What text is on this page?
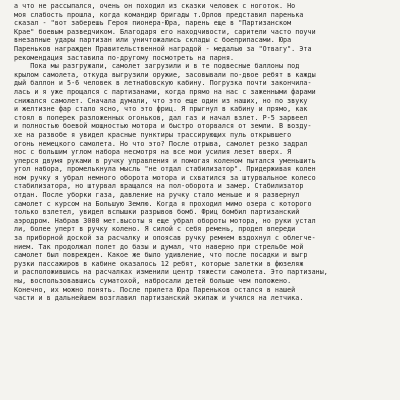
а что не рассыпался, очень он походил из сказки человек с ноготок. Но
моя слабость прошла, когда командир бригады т.Орлов представил паренька
сказал - "вот заберешь Героя пионера-Юра, парень еще в "Партизанском
Крае" боевым разведчиком. Благодаря его находчивости, сарители часто поучи
внезапные удары партизан или уничтожались склады с боеприпасами. Юра
Пареньков награжден Правительственной наградой - медалью за "Отвагу". Эта
рекомендация заставила по-другому посмотреть на парня.
Пока мы разгружали, самолет загрузили и в те подвесные баллоны под
крылом самолета, откуда выгрузили оружие, засовывали по-двое ребят в кажды
дый баллон и 5-6 человек в летнабовскую кабину. Погрузка почти закончила-
лась и я уже прощался с партизанами, когда прямо на нас с заженными фарами
снижался самолет. Сначала думали, что это еще один из наших, но по звуку
и желтизне фар стало ясно, что это фриц. Я прыгнул в кабину и прямо, как
стоял в поперек разложенных огоньков, дал газ и начал взлет. Р-5 зарвеел
и полностью боевой мощностью мотора и быстро оторвался от земли. В возду-
хе на развобе я увидел красные пунктиры трассирующих пуль открывшего
огонь немецкого самолета. Но что это? После отрыва, самолет резко задрал
нос с большим углом набора несмотря на все мои усилия лезет вверх. Я
уперся двумя руками в ручку управления и помогая коленом пытался уменьшить
угол набора, промелькнула мысль "не отдал стабилизатор". Придерживая колен
ном ручку я убрал немного оборота мотора и схватился за штурвальное колесо
стабилизатора, но штурвал вращался на пол-оборота и замер. Стабилизатор
отдан. После уборки газа, давление на ручку стало меньше и я развернул
самолет с курсом на Большую Землю. Когда я проходил мимо озера с которого
только взлетел, увидел вспышки разрывов бомб. Фриц бомбил партизанский
аэродром. Набрав 3000 мет.высоты я еще убрал обороты мотора, но руки устал
ли, более уперт в ручку колено. Я силой с себя ремень, продел впереди
за приборной доской за расчалку и опоясав ручку ремнем вздохнул с облегче-
нием. Так продолжал полет до базы и думал, что наверно при стрельбе мой
самолет был поврежден. Какое же было удивление, что после посадки и выгр
рузки пассажиров в кабине оказалось 12 ребят, которые залетки в фюзеляж
и расположившись на расчалках изменили центр тяжести самолета. Это партизаны,
ны, воспользовавшись суматохой, набросали детей больше чем положено.
Конечно, их можно понять. После прилета Юра Пареньков остался в нашей
части и в дальнейшем возглавил партизанский экипаж и учился на летчика.
